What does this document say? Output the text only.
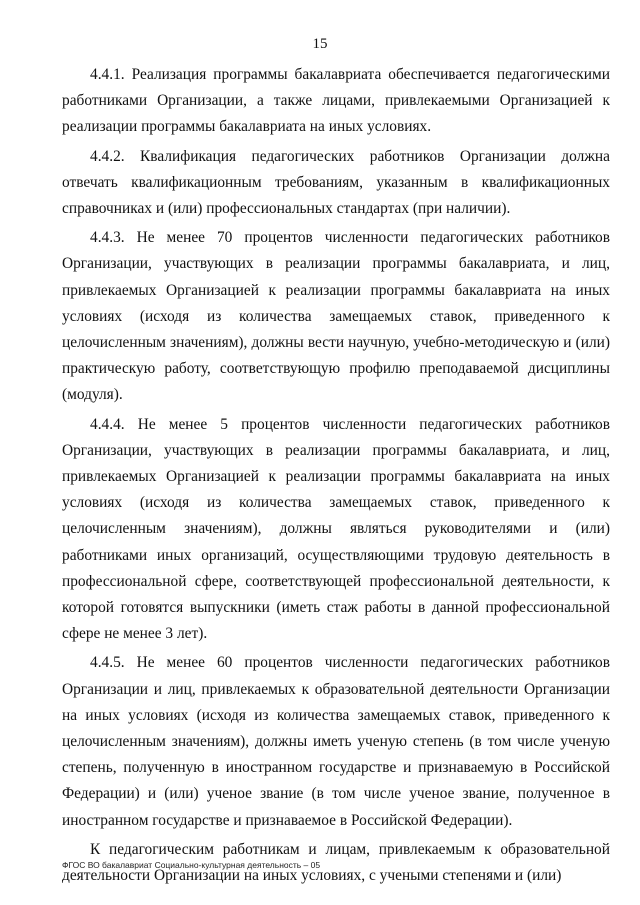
15

4.4.1. Реализация программы бакалавриата обеспечивается педагогическими работниками Организации, а также лицами, привлекаемыми Организацией к реализации программы бакалавриата на иных условиях.

4.4.2. Квалификация педагогических работников Организации должна отвечать квалификационным требованиям, указанным в квалификационных справочниках и (или) профессиональных стандартах (при наличии).

4.4.3. Не менее 70 процентов численности педагогических работников Организации, участвующих в реализации программы бакалавриата, и лиц, привлекаемых Организацией к реализации программы бакалавриата на иных условиях (исходя из количества замещаемых ставок, приведенного к целочисленным значениям), должны вести научную, учебно-методическую и (или) практическую работу, соответствующую профилю преподаваемой дисциплины (модуля).

4.4.4. Не менее 5 процентов численности педагогических работников Организации, участвующих в реализации программы бакалавриата, и лиц, привлекаемых Организацией к реализации программы бакалавриата на иных условиях (исходя из количества замещаемых ставок, приведенного к целочисленным значениям), должны являться руководителями и (или) работниками иных организаций, осуществляющими трудовую деятельность в профессиональной сфере, соответствующей профессиональной деятельности, к которой готовятся выпускники (иметь стаж работы в данной профессиональной сфере не менее 3 лет).

4.4.5. Не менее 60 процентов численности педагогических работников Организации и лиц, привлекаемых к образовательной деятельности Организации на иных условиях (исходя из количества замещаемых ставок, приведенного к целочисленным значениям), должны иметь ученую степень (в том числе ученую степень, полученную в иностранном государстве и признаваемую в Российской Федерации) и (или) ученое звание (в том числе ученое звание, полученное в иностранном государстве и признаваемое в Российской Федерации).

К педагогическим работникам и лицам, привлекаемым к образовательной деятельности Организации на иных условиях, с учеными степенями и (или)

ФГОС ВО бакалавриат Социально-культурная деятельность – 05
